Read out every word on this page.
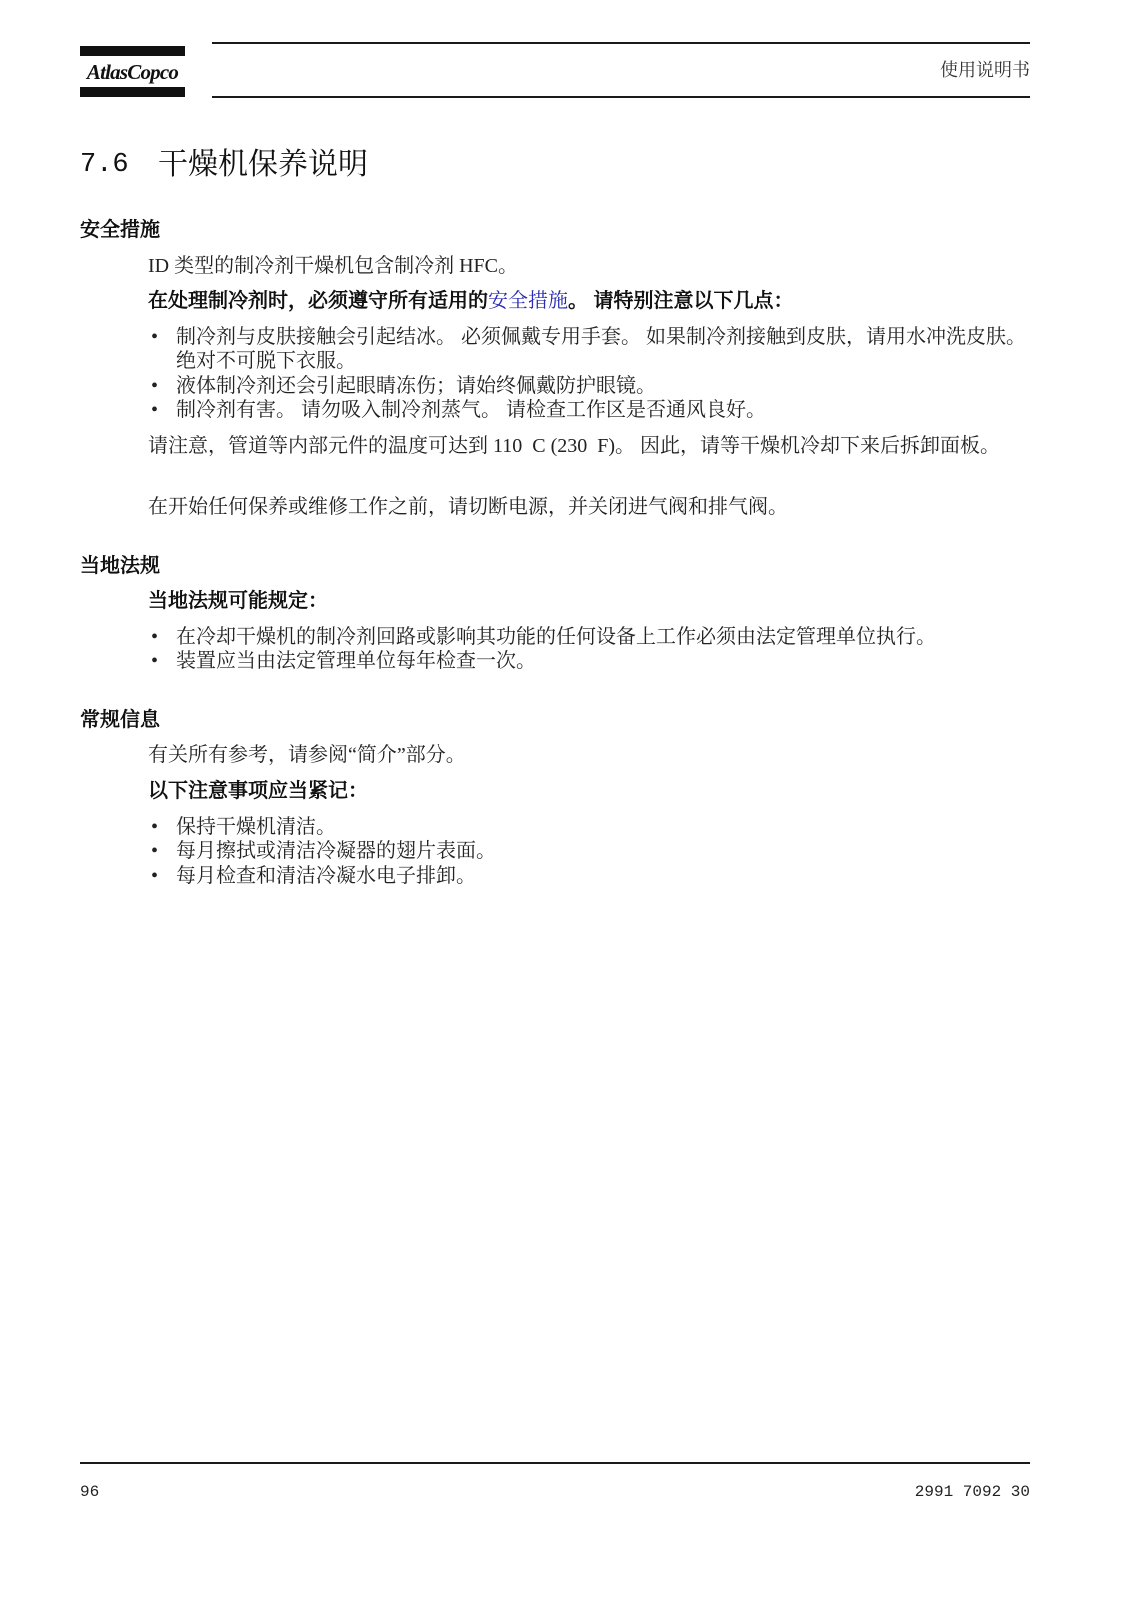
AtlasCopco	使用说明书
7.6 干燥机保养说明
安全措施

ID 类型的制冷剂干燥机包含制冷剂 HFC。

在处理制冷剂时，必须遵守所有适用的安全措施。 请特别注意以下几点：

• 制冷剂与皮肤接触会引起结冰。 必须佩戴专用手套。 如果制冷剂接触到皮肤，请用水冲洗皮肤。 绝对不可脱下衣服。
• 液体制冷剂还会引起眼睛冻伤；请始终佩戴防护眼镜。
• 制冷剂有害。 请勿吸入制冷剂蒸气。 请检查工作区是否通风良好。

请注意，管道等内部元件的温度可达到 110  C (230  F)。 因此，请等干燥机冷却下来后拆卸面板。

在开始任何保养或维修工作之前，请切断电源，并关闭进气阀和排气阀。

当地法规

当地法规可能规定：

• 在冷却干燥机的制冷剂回路或影响其功能的任何设备上工作必须由法定管理单位执行。
• 装置应当由法定管理单位每年检查一次。
常规信息

有关所有参考，请参阅“简介”部分。

以下注意事项应当紧记：

• 保持干燥机清洁。
• 每月擦拭或清洁冷凝器的翅片表面。
• 每月检查和清洁冷凝水电子排卸。
96	2991 7092 30
